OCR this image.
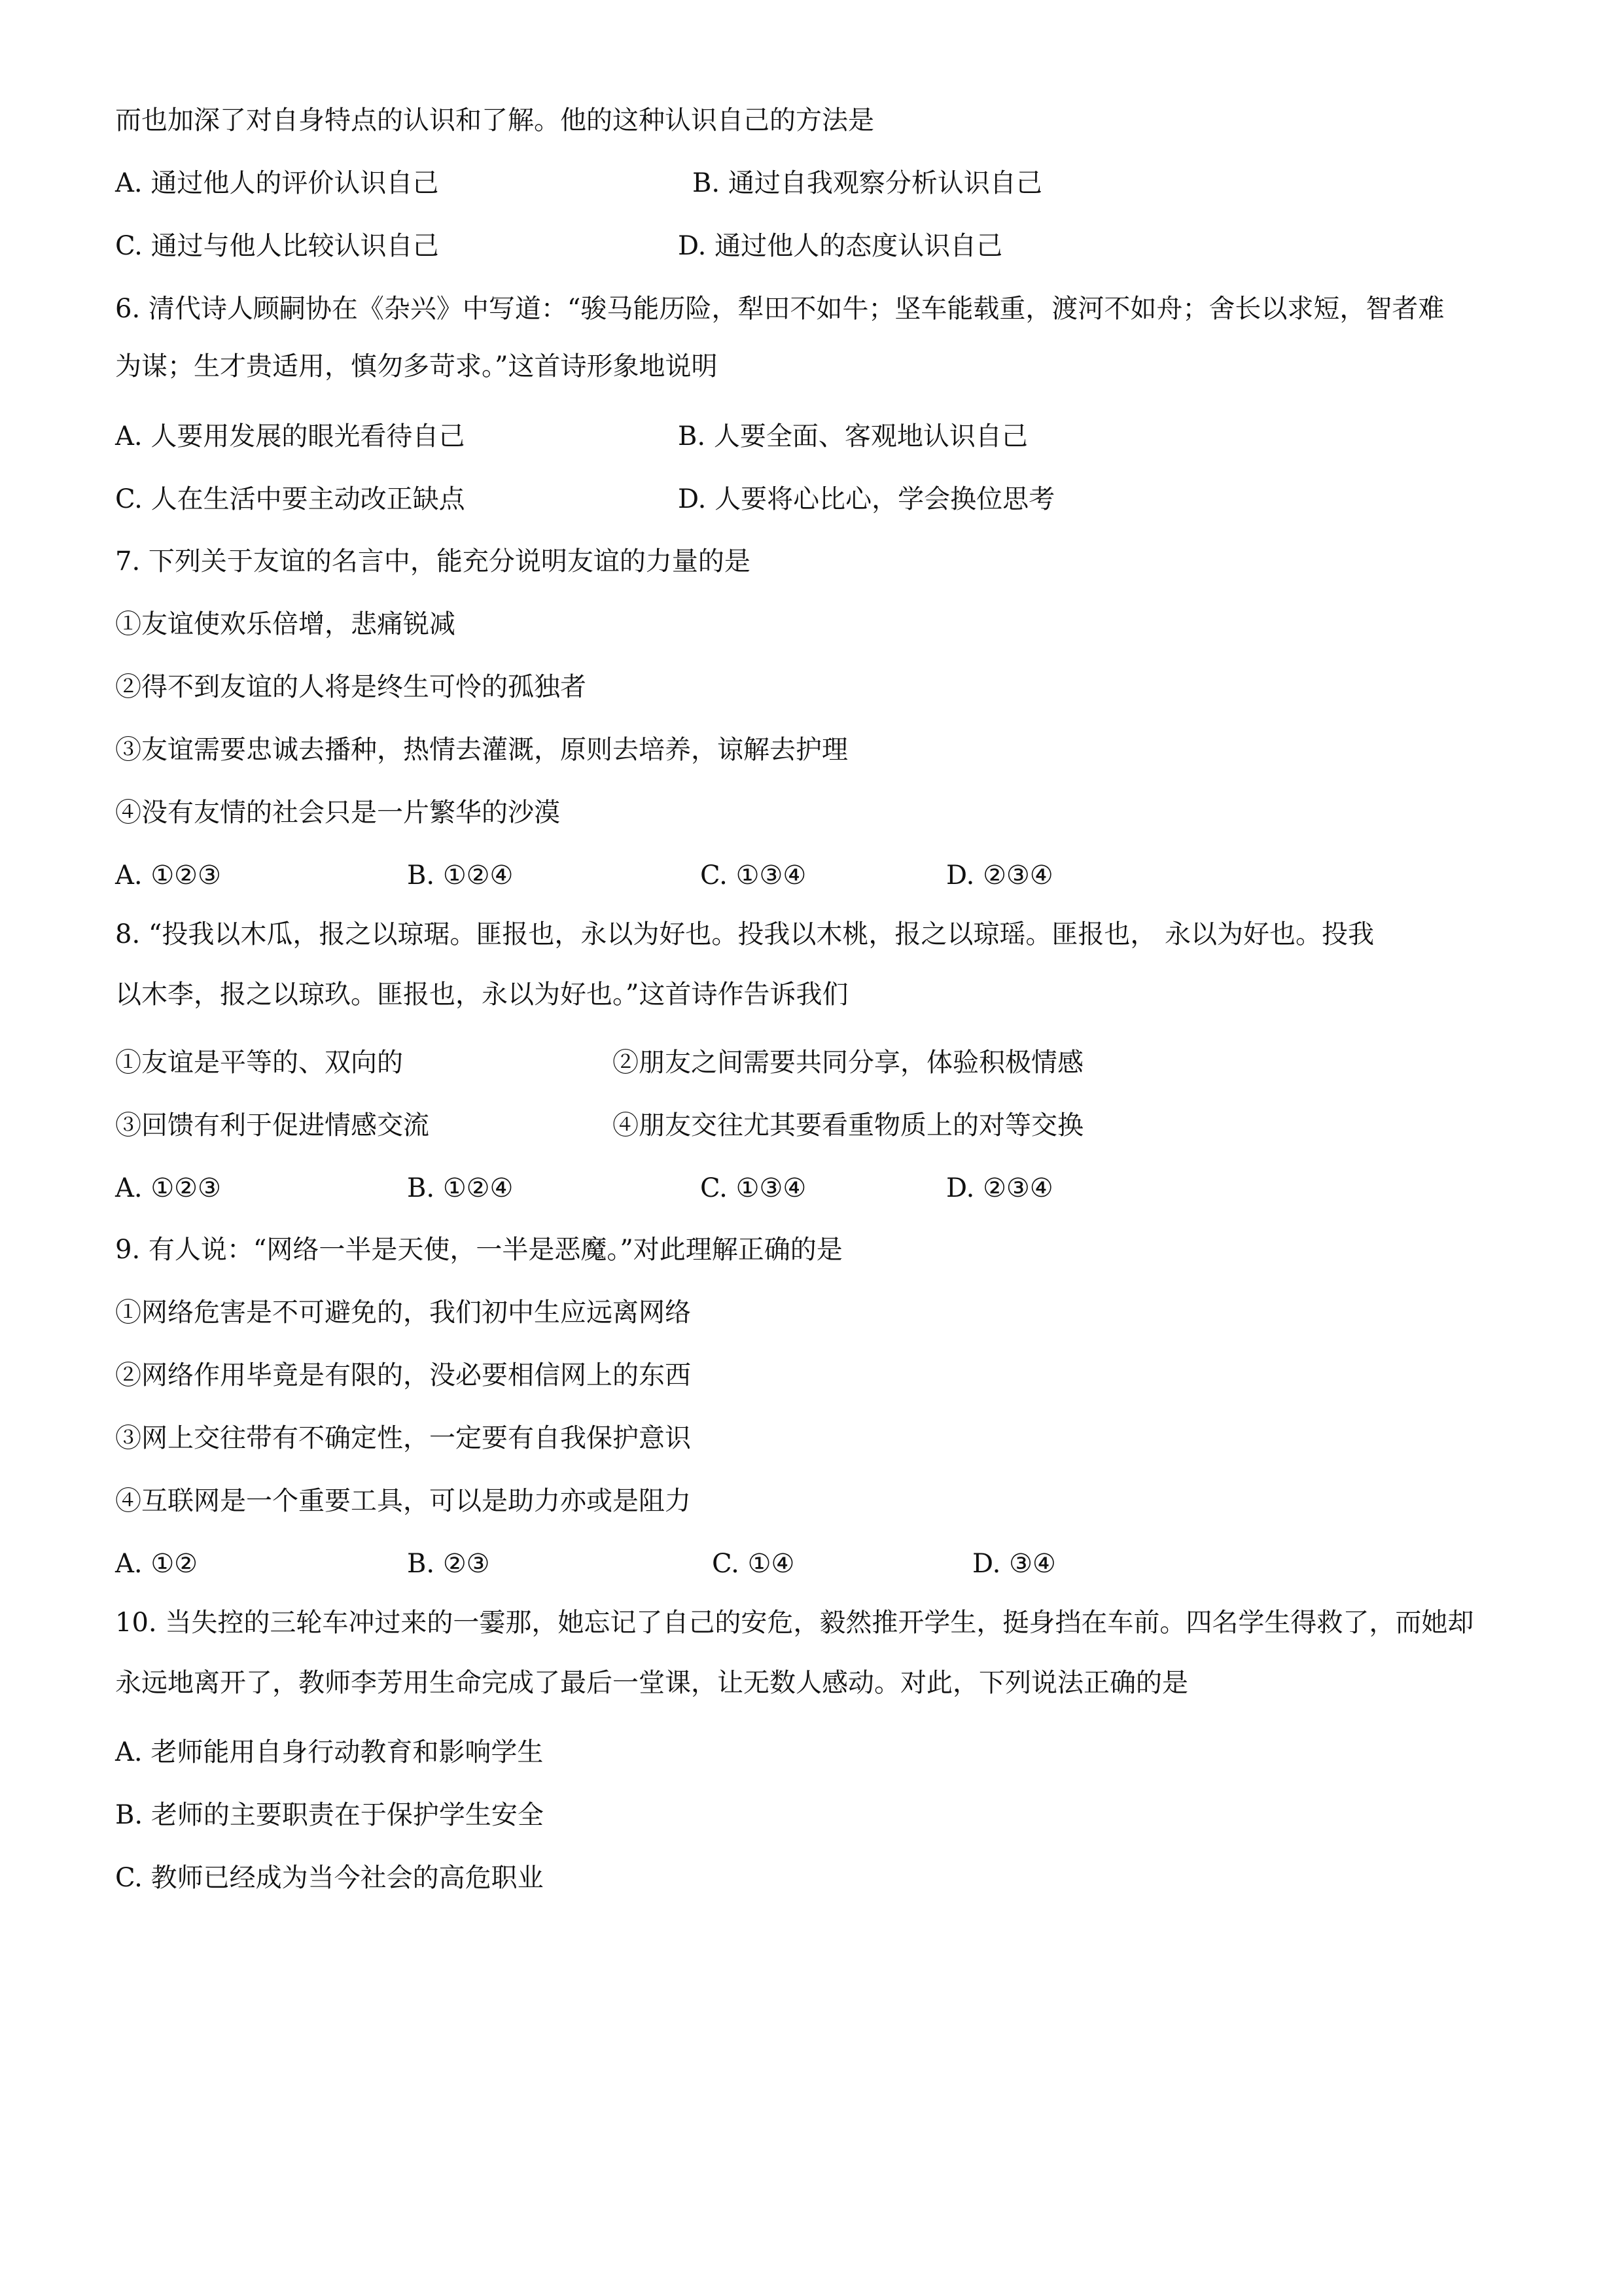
而也加深了对自身特点的认识和了解。他的这种认识自己的方法是
A. 通过他人的评价认识自己	B. 通过自我观察分析认识自己
C. 通过与他人比较认识自己	D. 通过他人的态度认识自己
6. 清代诗人顾嗣协在《杂兴》中写道：“骏马能历险，犁田不如牛；坚车能载重，渡河不如舟；舍长以求短，智者难
为谋；生才贵适用，慎勿多苛求。”这首诗形象地说明
A. 人要用发展的眼光看待自己	B. 人要全面、客观地认识自己
C. 人在生活中要主动改正缺点	D. 人要将心比心，学会换位思考
7. 下列关于友谊的名言中，能充分说明友谊的力量的是
①友谊使欢乐倍增，悲痛锐减
②得不到友谊的人将是终生可怜的孤独者
③友谊需要忠诚去播种，热情去灌溉，原则去培养，谅解去护理
④没有友情的社会只是一片繁华的沙漠
A. ①②③	B. ①②④	C. ①③④	D. ②③④
8. “投我以木瓜，报之以琼琚。匪报也，永以为好也。投我以木桃，报之以琼瑶。匪报也， 永以为好也。投我
以木李，报之以琼玖。匪报也，永以为好也。”这首诗作告诉我们
①友谊是平等的、双向的	②朋友之间需要共同分享，体验积极情感
③回馈有利于促进情感交流	④朋友交往尤其要看重物质上的对等交换
A. ①②③	B. ①②④	C. ①③④	D. ②③④
9. 有人说：“网络一半是天使，一半是恶魔。”对此理解正确的是
①网络危害是不可避免的，我们初中生应远离网络
②网络作用毕竟是有限的，没必要相信网上的东西
③网上交往带有不确定性，一定要有自我保护意识
④互联网是一个重要工具，可以是助力亦或是阻力
A. ①②	B. ②③	C. ①④	D. ③④
10. 当失控的三轮车冲过来的一霎那，她忘记了自己的安危，毅然推开学生，挺身挡在车前。四名学生得救了，而她却
永远地离开了，教师李芳用生命完成了最后一堂课，让无数人感动。对此，下列说法正确的是
A. 老师能用自身行动教育和影响学生
B. 老师的主要职责在于保护学生安全
C. 教师已经成为当今社会的高危职业
